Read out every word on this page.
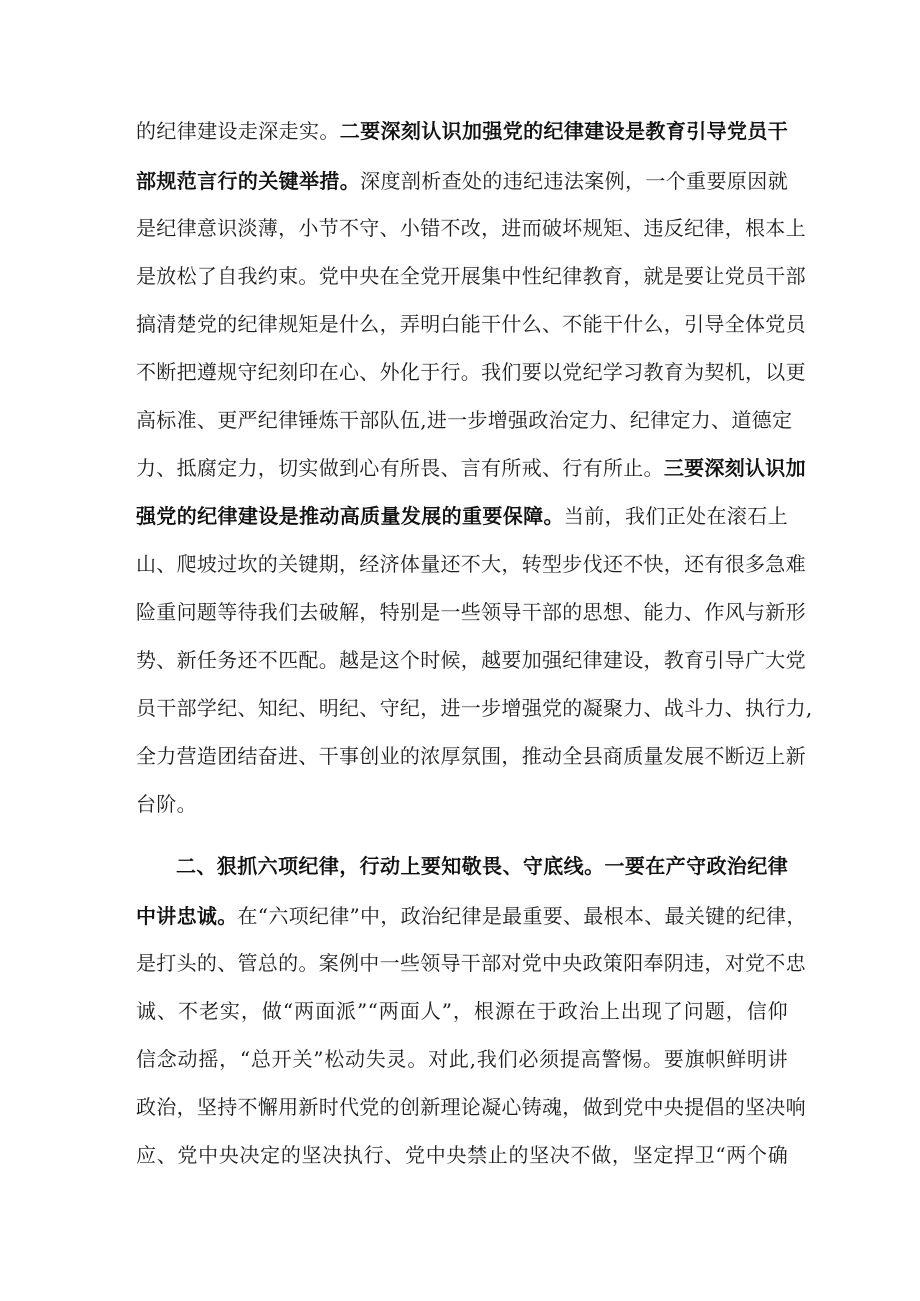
的纪律建设走深走实。二要深刻认识加强党的纪律建设是教育引导党员干
部规范言行的关键举措。深度剖析查处的违纪违法案例，一个重要原因就
是纪律意识淡薄，小节不守、小错不改，进而破坏规矩、违反纪律，根本上
是放松了自我约束。党中央在全党开展集中性纪律教育，就是要让党员干部
搞清楚党的纪律规矩是什么，弄明白能干什么、不能干什么，引导全体党员
不断把遵规守纪刻印在心、外化于行。我们要以党纪学习教育为契机，以更
高标准、更严纪律锤炼干部队伍,进一步增强政治定力、纪律定力、道德定
力、抵腐定力，切实做到心有所畏、言有所戒、行有所止。三要深刻认识加
强党的纪律建设是推动高质量发展的重要保障。当前，我们正处在滚石上
山、爬坡过坎的关键期，经济体量还不大，转型步伐还不快，还有很多急难
险重问题等待我们去破解，特别是一些领导干部的思想、能力、作风与新形
势、新任务还不匹配。越是这个时候，越要加强纪律建设，教育引导广大党
员干部学纪、知纪、明纪、守纪，进一步增强党的凝聚力、战斗力、执行力,
全力营造团结奋进、干事创业的浓厚氛围，推动全县商质量发展不断迈上新
台阶。
二、狠抓六项纪律，行动上要知敬畏、守底线。一要在产守政治纪律
中讲忠诚。在“六项纪律”中，政治纪律是最重要、最根本、最关键的纪律，
是打头的、管总的。案例中一些领导干部对党中央政策阳奉阴违，对党不忠
诚、不老实，做“两面派”“两面人”，根源在于政治上出现了问题，信仰
信念动摇，“总开关”松动失灵。对此,我们必须提高警惕。要旗帜鲜明讲
政治，坚持不懈用新时代党的创新理论凝心铸魂，做到党中央提倡的坚决响
应、党中央决定的坚决执行、党中央禁止的坚决不做，坚定捍卫“两个确
